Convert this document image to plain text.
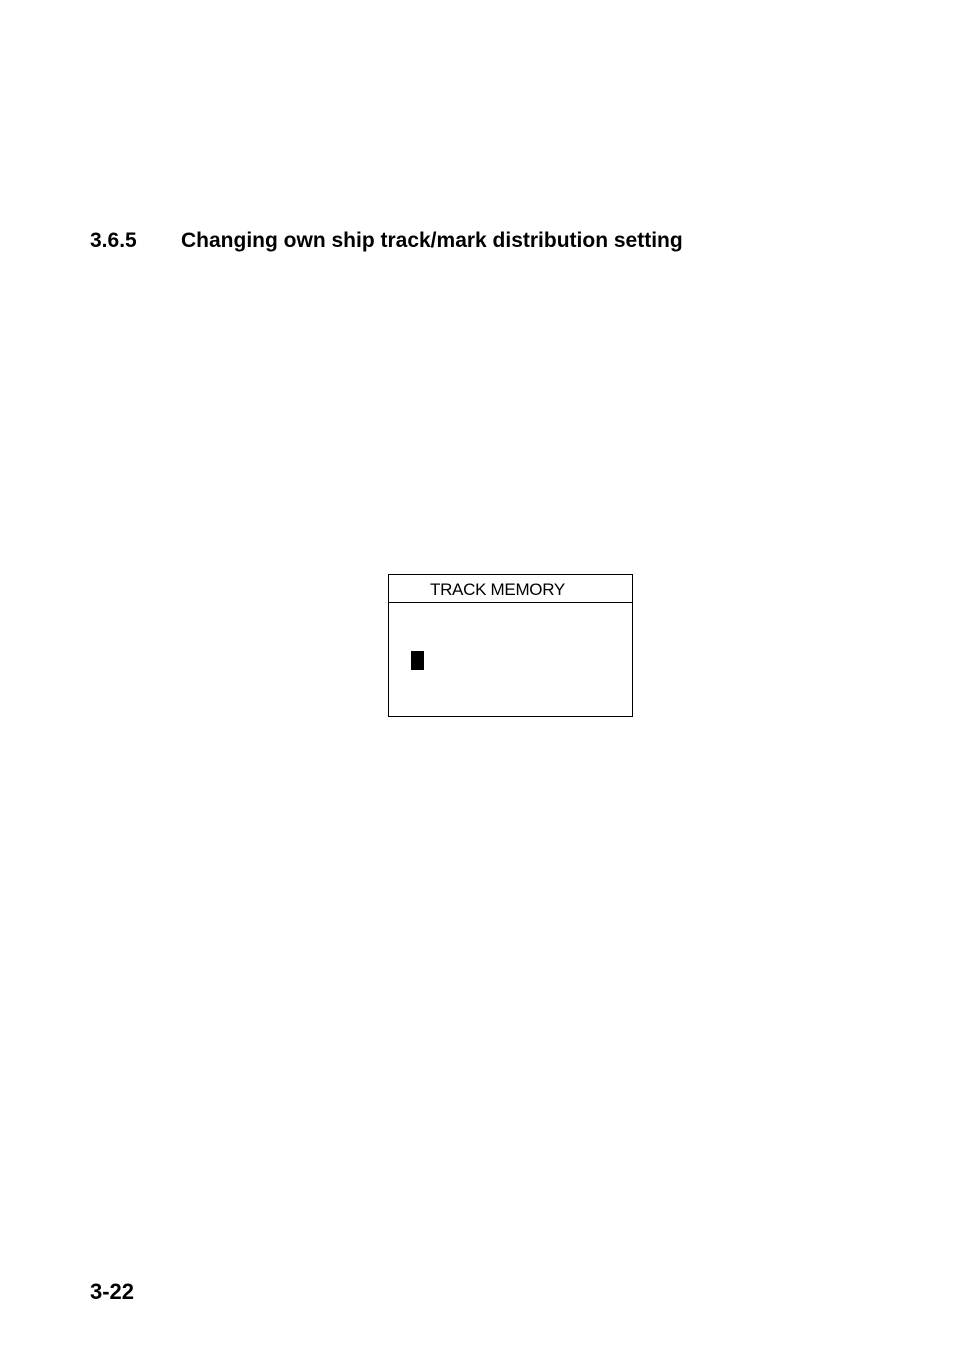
3.6.5 Changing own ship track/mark distribution setting
TRACK MEMORY
3-22
